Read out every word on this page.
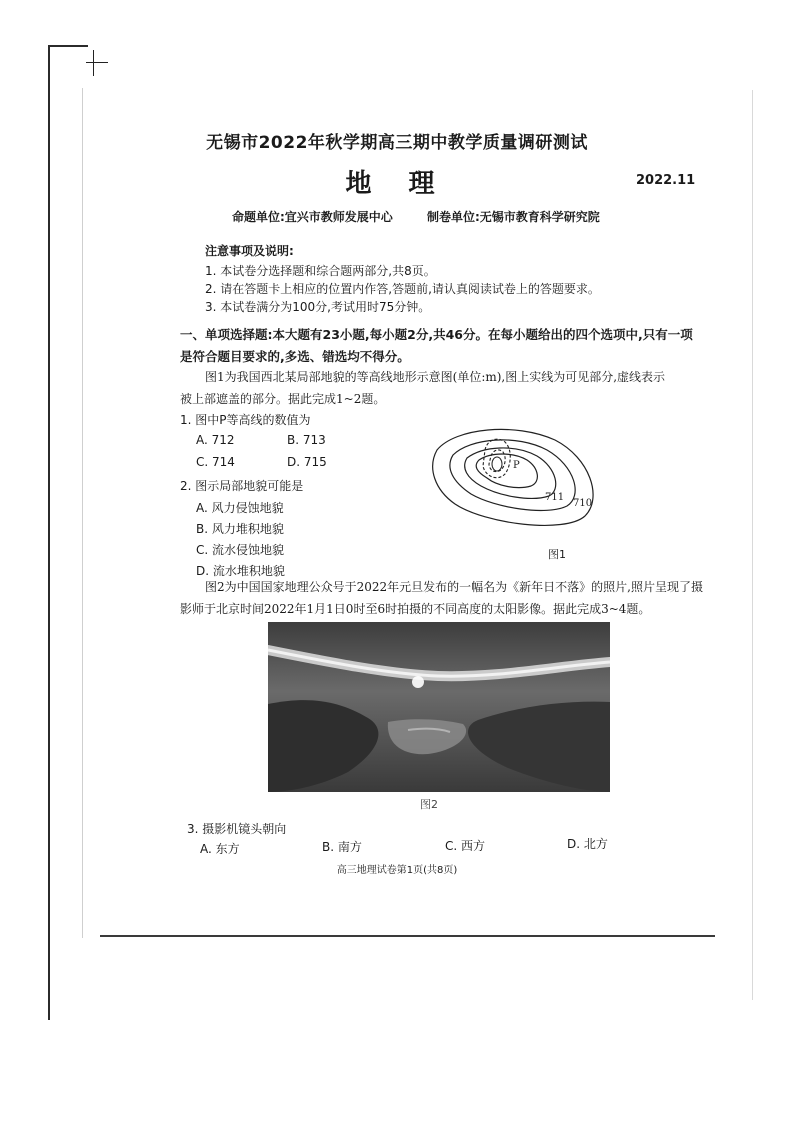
无锡市2022年秋学期高三期中教学质量调研测试
地 理	2022.11
命题单位:宜兴市教师发展中心	制卷单位:无锡市教育科学研究院
注意事项及说明:
1. 本试卷分选择题和综合题两部分,共8页。
2. 请在答题卡上相应的位置内作答,答题前,请认真阅读试卷上的答题要求。
3. 本试卷满分为100分,考试用时75分钟。
一、单项选择题:本大题有23小题,每小题2分,共46分。在每小题给出的四个选项中,只有一项
是符合题目要求的,多选、错选均不得分。
图1为我国西北某局部地貌的等高线地形示意图(单位:m),图上实线为可见部分,虚线表示
被上部遮盖的部分。据此完成1~2题。
1. 图中P等高线的数值为
A. 712	B. 713
C. 714	D. 715
2. 图示局部地貌可能是
A. 风力侵蚀地貌
B. 风力堆积地貌
C. 流水侵蚀地貌
D. 流水堆积地貌
P
711
710
图1
图2为中国国家地理公众号于2022年元旦发布的一幅名为《新年日不落》的照片,照片呈现了摄
影师于北京时间2022年1月1日0时至6时拍摄的不同高度的太阳影像。据此完成3~4题。
图2
3. 摄影机镜头朝向
A. 东方	B. 南方	C. 西方	D. 北方
高三地理试卷第1页(共8页)
